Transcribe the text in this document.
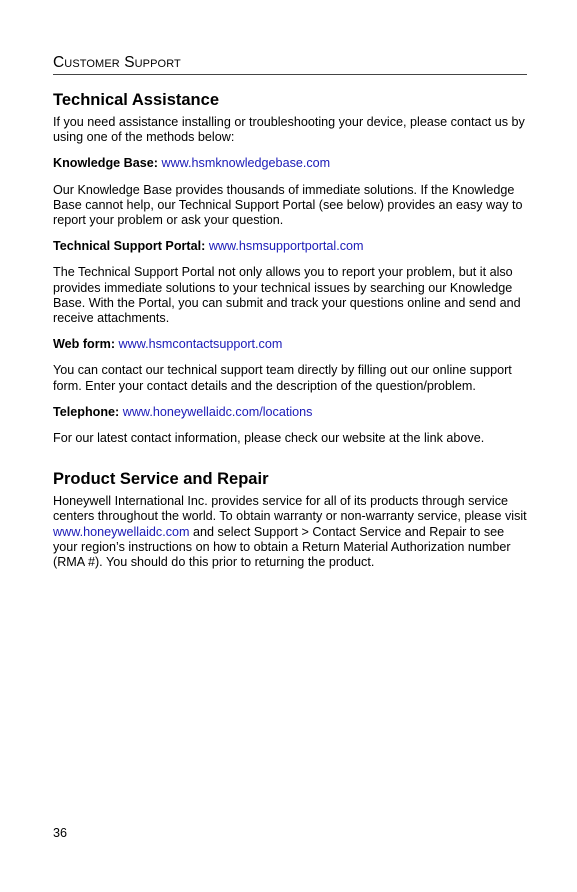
Customer Support
Technical Assistance

If you need assistance installing or troubleshooting your device, please contact us by using one of the methods below:

Knowledge Base: www.hsmknowledgebase.com

Our Knowledge Base provides thousands of immediate solutions. If the Knowledge Base cannot help, our Technical Support Portal (see below) provides an easy way to report your problem or ask your question.

Technical Support Portal: www.hsmsupportportal.com

The Technical Support Portal not only allows you to report your problem, but it also provides immediate solutions to your technical issues by searching our Knowledge Base. With the Portal, you can submit and track your questions online and send and receive attachments.

Web form: www.hsmcontactsupport.com

You can contact our technical support team directly by filling out our online support form. Enter your contact details and the description of the question/problem.

Telephone: www.honeywellaidc.com/locations

For our latest contact information, please check our website at the link above.

Product Service and Repair

Honeywell International Inc. provides service for all of its products through service centers throughout the world. To obtain warranty or non-warranty service, please visit www.honeywellaidc.com and select Support > Contact Service and Repair to see your region’s instructions on how to obtain a Return Material Authorization number (RMA #). You should do this prior to returning the product.

36
